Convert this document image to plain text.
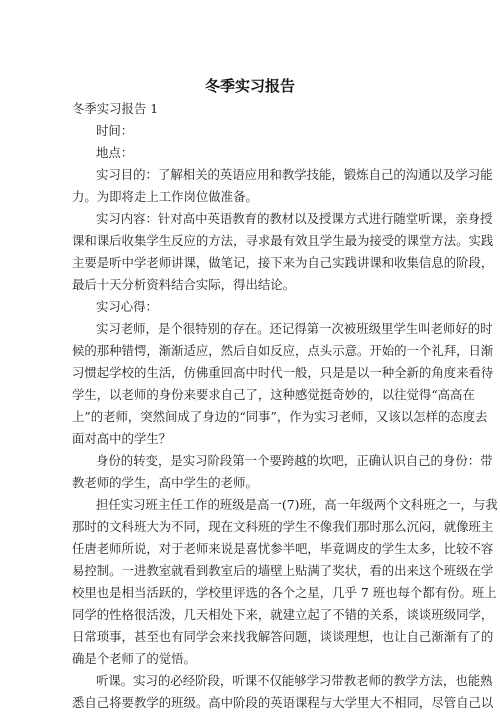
冬季实习报告
冬季实习报告 1
时间：
地点：
实习目的：了解相关的英语应用和教学技能，锻炼自己的沟通以及学习能
力。为即将走上工作岗位做准备。
实习内容：针对高中英语教育的教材以及授课方式进行随堂听课，亲身授
课和课后收集学生反应的方法，寻求最有效且学生最为接受的课堂方法。实践
主要是听中学老师讲课，做笔记，接下来为自己实践讲课和收集信息的阶段，
最后十天分析资料结合实际，得出结论。
实习心得：
实习老师，是个很特别的存在。还记得第一次被班级里学生叫老师好的时
候的那种错愕，渐渐适应，然后自如反应，点头示意。开始的一个礼拜，日渐
习惯起学校的生活，仿佛重回高中时代一般，只是是以一种全新的角度来看待
学生，以老师的身份来要求自己了，这种感觉挺奇妙的，以往觉得“高高在
上”的老师，突然间成了身边的“同事”，作为实习老师，又该以怎样的态度去
面对高中的学生？
身份的转变，是实习阶段第一个要跨越的坎吧，正确认识自己的身份：带
教老师的学生，高中学生的老师。
担任实习班主任工作的班级是高一(7)班，高一年级两个文科班之一，与我
那时的文科班大为不同，现在文科班的学生不像我们那时那么沉闷，就像班主
任唐老师所说，对于老师来说是喜忧参半吧，毕竟调皮的学生太多，比较不容
易控制。一进教室就看到教室后的墙壁上贴满了奖状，看的出来这个班级在学
校里也是相当活跃的，学校里评选的各个之星，几乎 7 班也每个都有份。班上
同学的性格很活泼，几天相处下来，就建立起了不错的关系，谈谈班级同学，
日常琐事，甚至也有同学会来找我解答问题，谈谈理想，也让自己渐渐有了的
确是个老师了的觉悟。
听课。实习的必经阶段，听课不仅能够学习带教老师的教学方法，也能熟
悉自己将要教学的班级。高中阶段的英语课程与大学里大不相同，尽管自己以
